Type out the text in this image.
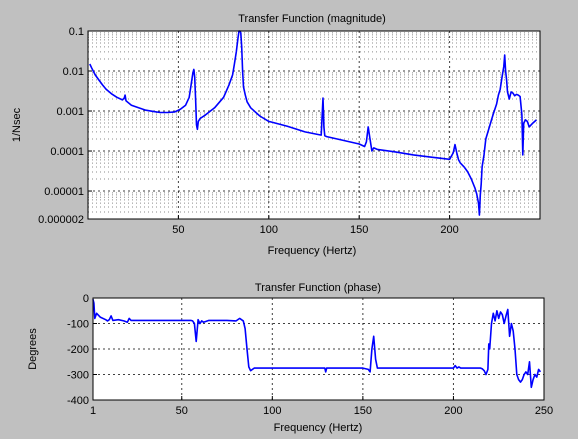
Transfer Function (magnitude)
50	100	150	200
0.1
0.01
0.001
0.0001
0.00001
0.000002
Frequency (Hertz)
1/Nsec
Transfer Function (phase)
1	50	100	150	200	250
0
-100
-200
-300
-400
Frequency (Hertz)
Degrees
